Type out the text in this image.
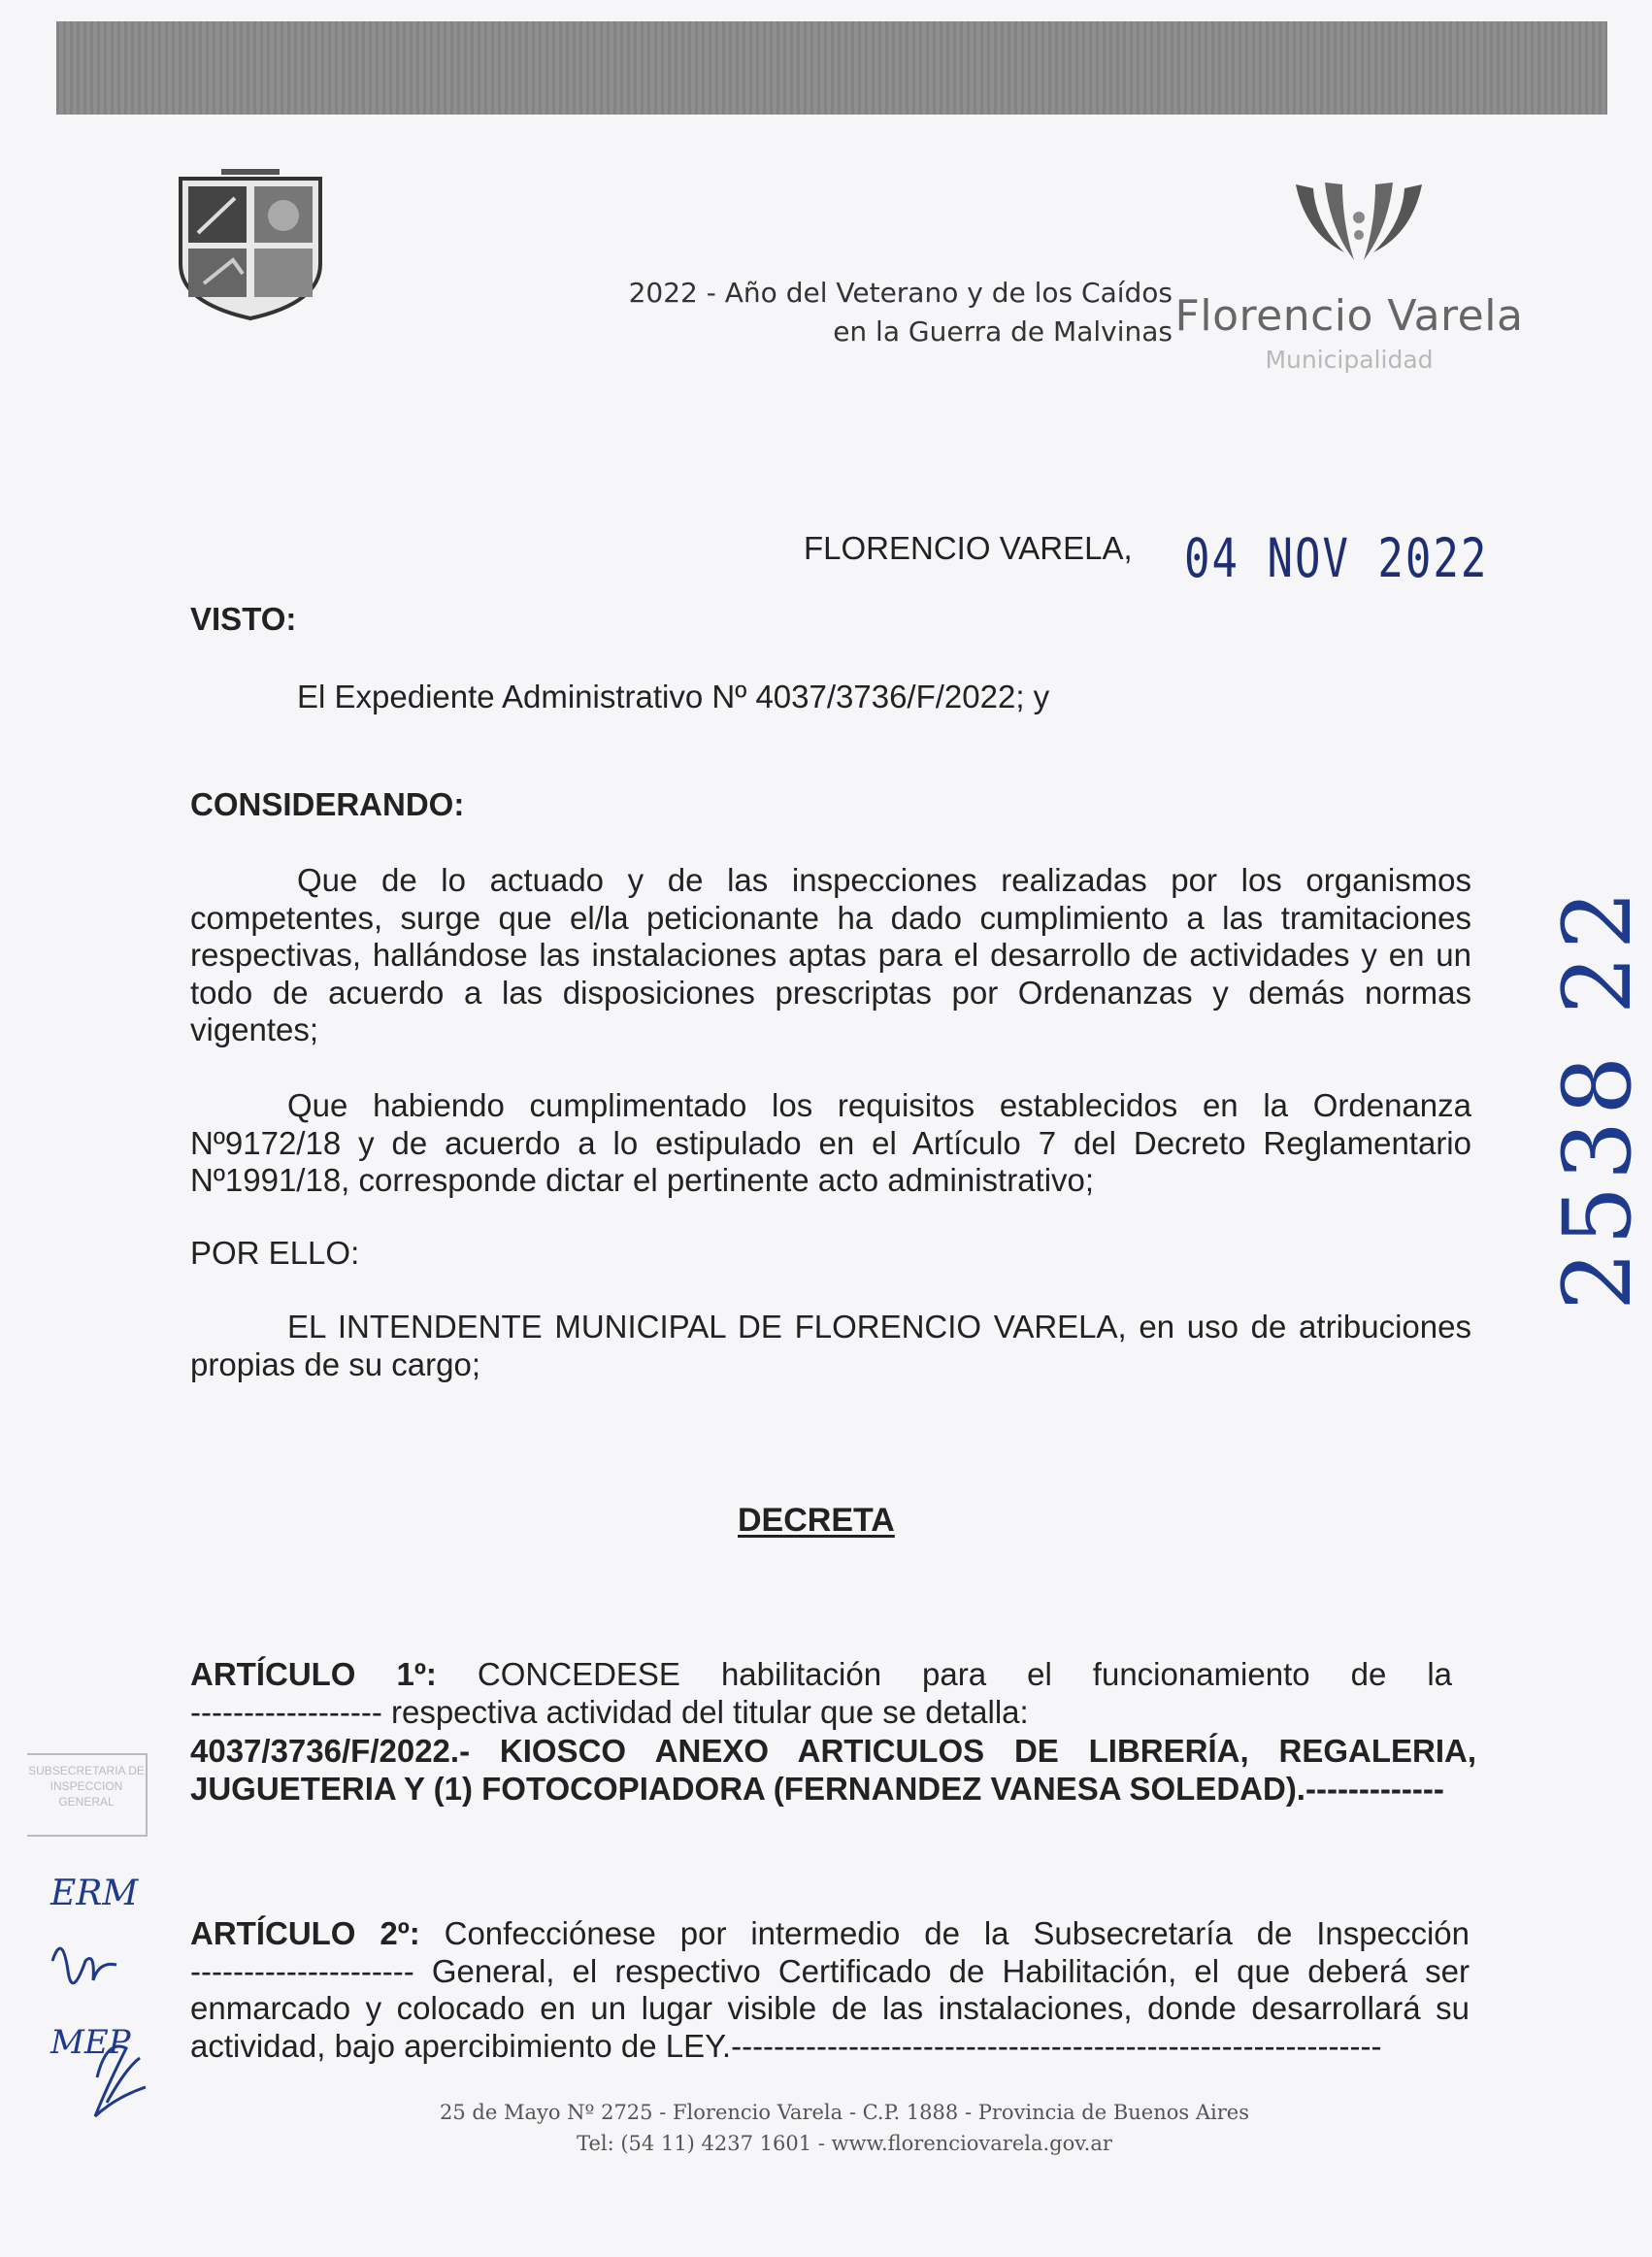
2022 - Año del Veterano y de los Caídos
en la Guerra de Malvinas Florencio Varela
Municipalidad
FLORENCIO VARELA, 04 NOV 2022
VISTO:
El Expediente Administrativo Nº 4037/3736/F/2022; y
CONSIDERANDO:
Que de lo actuado y de las inspecciones realizadas por los organismos
competentes, surge que el/la peticionante ha dado cumplimiento a las tramitaciones
respectivas, hallándose las instalaciones aptas para el desarrollo de actividades y en un
todo de acuerdo a las disposiciones prescriptas por Ordenanzas y demás normas
vigentes;
Que habiendo cumplimentado los requisitos establecidos en la Ordenanza
Nº9172/18 y de acuerdo a lo estipulado en el Artículo 7 del Decreto Reglamentario
Nº1991/18, corresponde dictar el pertinente acto administrativo;
POR ELLO:
EL INTENDENTE MUNICIPAL DE FLORENCIO VARELA, en uso de atribuciones
propias de su cargo;
DECRETA
ARTÍCULO 1º: CONCEDESE habilitación para el funcionamiento de la
------------------ respectiva actividad del titular que se detalla:
4037/3736/F/2022.- KIOSCO ANEXO ARTICULOS DE LIBRERÍA, REGALERIA,
JUGUETERIA Y (1) FOTOCOPIADORA (FERNANDEZ VANESA SOLEDAD).-------------
ARTÍCULO 2º: Confecciónese por intermedio de la Subsecretaría de Inspección
--------------------- General, el respectivo Certificado de Habilitación, el que deberá ser
enmarcado y colocado en un lugar visible de las instalaciones, donde desarrollará su
actividad, bajo apercibimiento de LEY.-------------------------------------------------------------
2538 22
SUBSECRETARIA DE INSPECCION GENERAL
ERM
MEP
25 de Mayo Nº 2725 - Florencio Varela - C.P. 1888 - Provincia de Buenos Aires
Tel: (54 11) 4237 1601 - www.florenciovarela.gov.ar
